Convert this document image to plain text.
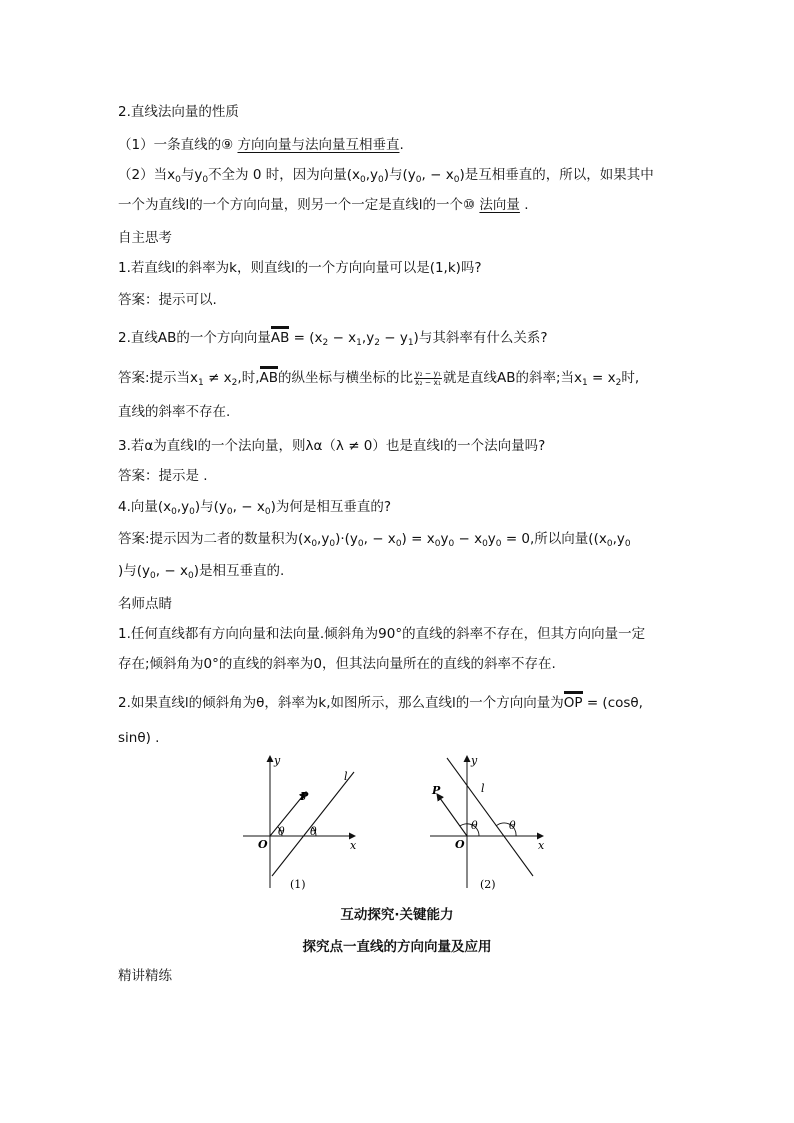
2.直线法向量的性质
（1）一条直线的⑨ 方向向量与法向量互相垂直.
（2）当$x_0$与$y_0$不全为 0 时，因为向量$(x_0,y_0)$与($y_0$, − $x_0$)是互相垂直的，所以，如果其中
一个为直线l的一个方向向量，则另一个一定是直线l的一个⑩ 法向量 .
自主思考
1.若直线l的斜率为k，则直线l的一个方向向量可以是(1,k)吗?
答案：提示可以.
2.直线AB的一个方向向量AB = $(x_2 - x_1,y_2 - y_1)$与其斜率有什么关系?
答案:提示当$x_1 \ne x_2$,时,AB的纵坐标与横坐标的比 $\frac{\text{y₂ − y₁}}{\text{x₂ − x₁}}$ 就是直线AB的斜率;当$x_1 = x_2$时,
直线的斜率不存在.
3.若α为直线l的一个法向量，则λα（λ ≠ 0）也是直线l的一个法向量吗?
答案：提示是 .
4.向量$(x_0,y_0)$与($y_0$, − $x_0$)为何是相互垂直的?
答案:提示因为二者的数量积为$(x_0,y_0)\cdot(y_0$, − $x_0) = x_0y_0 - x_0y_0 = 0$,所以向量(($x_0,y_0$
)与($y_0$, − $x_0$)是相互垂直的.
名师点睛
1.任何直线都有方向向量和法向量.倾斜角为90°的直线的斜率不存在，但其方向向量一定
存在;倾斜角为0°的直线的斜率为0，但其法向量所在的直线的斜率不存在.
2.如果直线l的倾斜角为θ，斜率为k,如图所示，那么直线l的一个方向向量为OP = (cosθ,
sinθ) .
y
x
O
P
l
θ θ
(1)
y
x
O
P	l
θ	θ
(2)
互动探究·关键能力
探究点一直线的方向向量及应用
精讲精练
